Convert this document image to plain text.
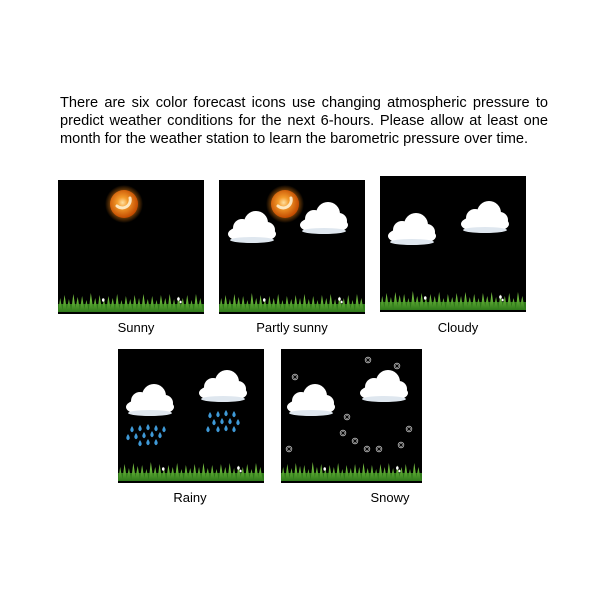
There are six color forecast icons use changing atmospheric pressure to predict weather conditions for the next 6-hours. Please allow at least one month for the weather station to learn the barometric pressure over time.

Sunny	Partly sunny	Cloudy
Rainy	Snowy
